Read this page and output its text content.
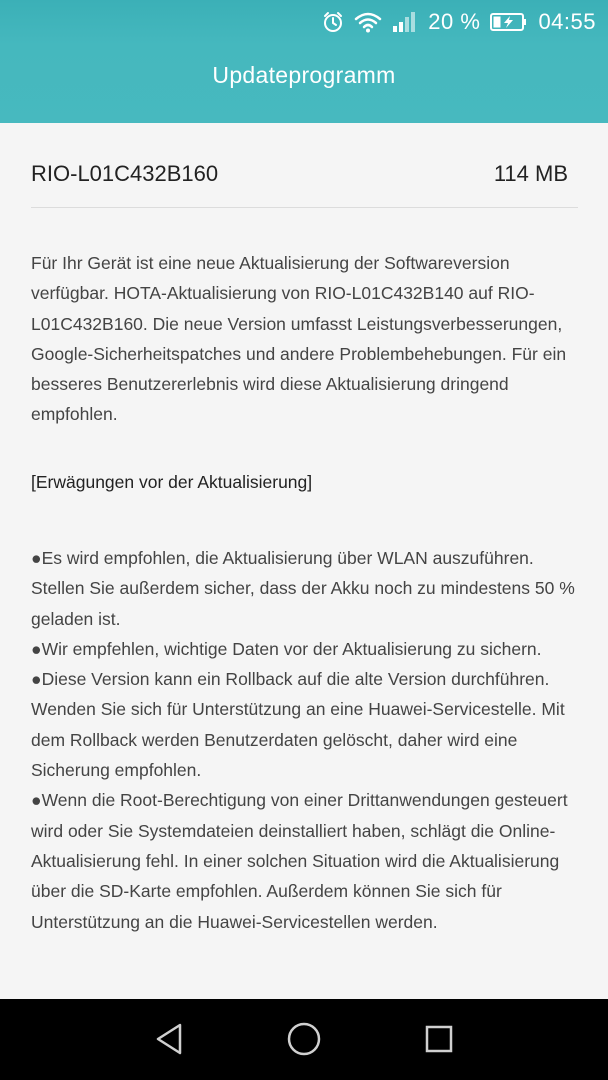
20 %	04:55
Updateprogramm
RIO-L01C432B160	114 MB

Für Ihr Gerät ist eine neue Aktualisierung der Softwareversion verfügbar. HOTA-Aktualisierung von RIO-L01C432B140 auf RIO-L01C432B160. Die neue Version umfasst Leistungsverbesserungen, Google-Sicherheitspatches und andere Problembehebungen. Für ein besseres Benutzererlebnis wird diese Aktualisierung dringend empfohlen.

[Erwägungen vor der Aktualisierung]

●Es wird empfohlen, die Aktualisierung über WLAN auszuführen. Stellen Sie außerdem sicher, dass der Akku noch zu mindestens 50 % geladen ist.
●Wir empfehlen, wichtige Daten vor der Aktualisierung zu sichern.
●Diese Version kann ein Rollback auf die alte Version durchführen. Wenden Sie sich für Unterstützung an eine Huawei-Servicestelle. Mit dem Rollback werden Benutzerdaten gelöscht, daher wird eine Sicherung empfohlen.
●Wenn die Root-Berechtigung von einer Drittanwendungen gesteuert wird oder Sie Systemdateien deinstalliert haben, schlägt die Online-Aktualisierung fehl. In einer solchen Situation wird die Aktualisierung über die SD-Karte empfohlen. Außerdem können Sie sich für Unterstützung an die Huawei-Servicestellen werden.
